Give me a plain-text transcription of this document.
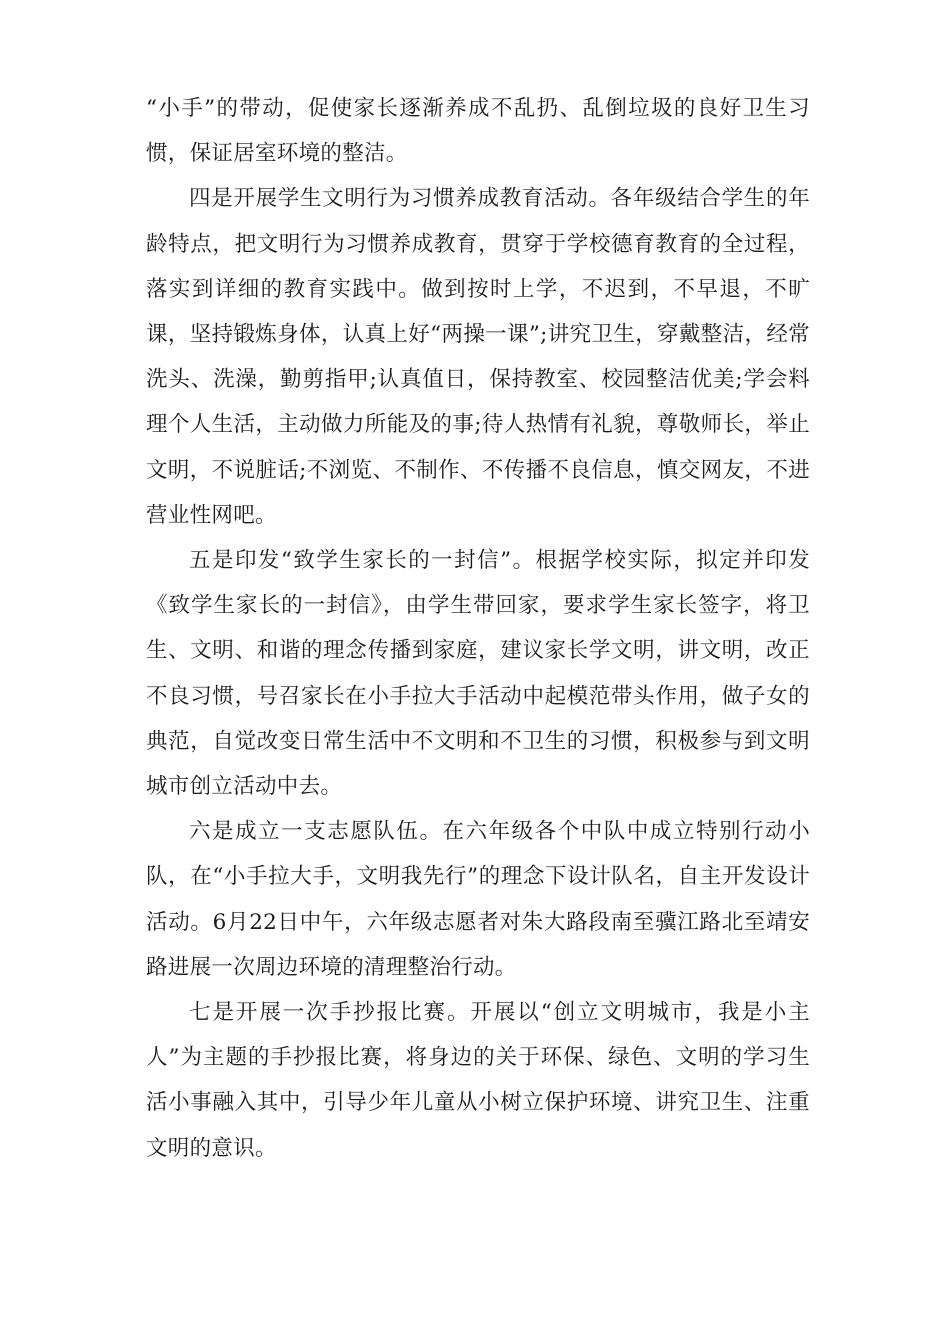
“小手”的带动，促使家长逐渐养成不乱扔、乱倒垃圾的良好卫生习惯，保证居室环境的整洁。

四是开展学生文明行为习惯养成教育活动。各年级结合学生的年龄特点，把文明行为习惯养成教育，贯穿于学校德育教育的全过程，落实到详细的教育实践中。做到按时上学，不迟到，不早退，不旷课，坚持锻炼身体，认真上好“两操一课”;讲究卫生，穿戴整洁，经常洗头、洗澡，勤剪指甲;认真值日，保持教室、校园整洁优美;学会料理个人生活，主动做力所能及的事;待人热情有礼貌，尊敬师长，举止文明，不说脏话;不浏览、不制作、不传播不良信息，慎交网友，不进营业性网吧。

五是印发“致学生家长的一封信”。根据学校实际，拟定并印发《致学生家长的一封信》，由学生带回家，要求学生家长签字，将卫生、文明、和谐的理念传播到家庭，建议家长学文明，讲文明，改正不良习惯，号召家长在小手拉大手活动中起模范带头作用，做子女的典范，自觉改变日常生活中不文明和不卫生的习惯，积极参与到文明城市创立活动中去。

六是成立一支志愿队伍。在六年级各个中队中成立特别行动小队，在“小手拉大手，文明我先行”的理念下设计队名，自主开发设计活动。6月22日中午，六年级志愿者对朱大路段南至骥江路北至靖安路进展一次周边环境的清理整治行动。

七是开展一次手抄报比赛。开展以“创立文明城市，我是小主人”为主题的手抄报比赛，将身边的关于环保、绿色、文明的学习生活小事融入其中，引导少年儿童从小树立保护环境、讲究卫生、注重文明的意识。
